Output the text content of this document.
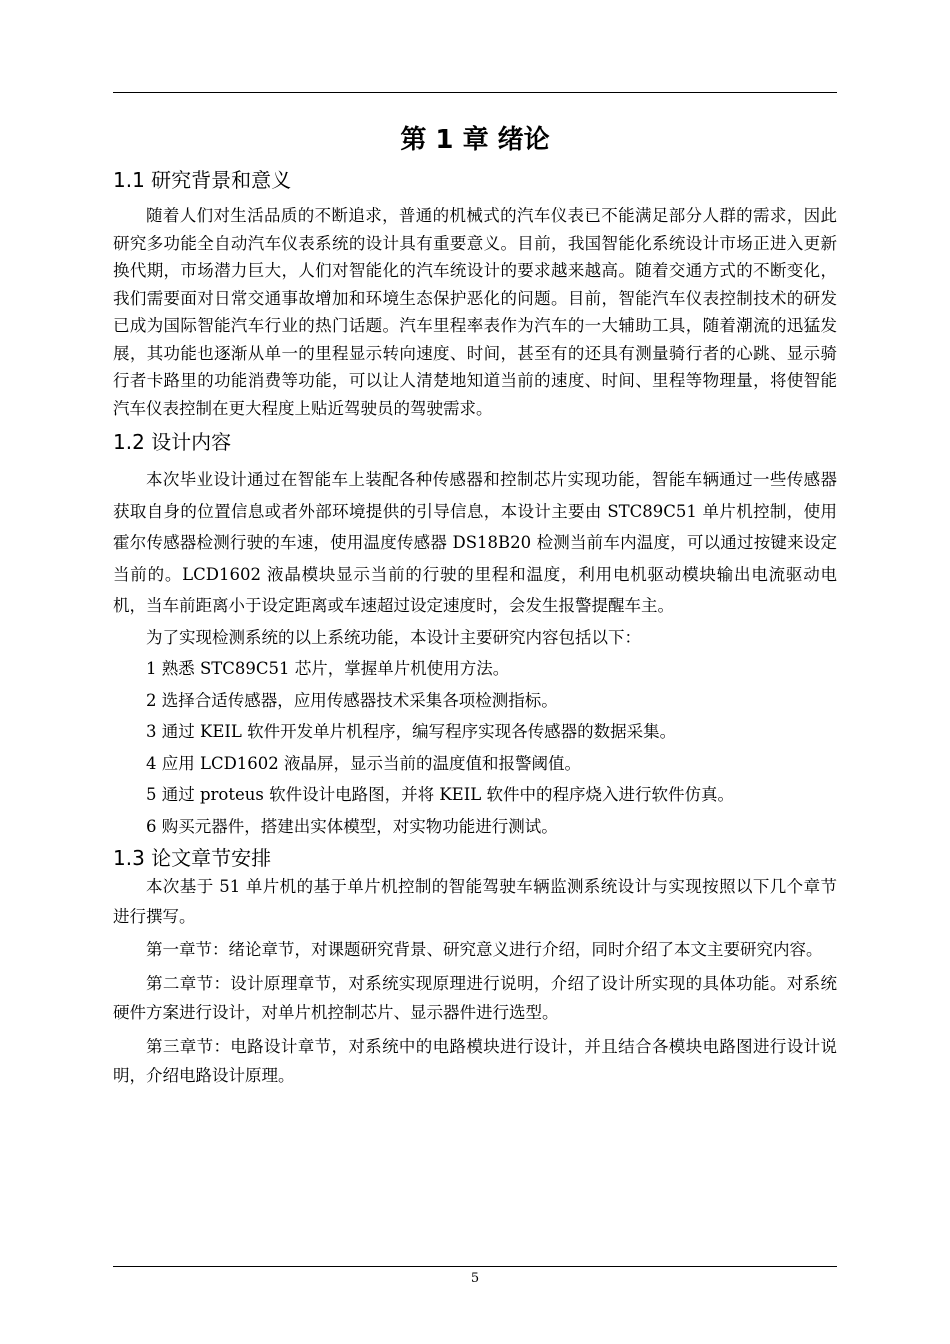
第 1 章 绪论
1.1 研究背景和意义

随着人们对生活品质的不断追求，普通的机械式的汽车仪表已不能满足部分人群的需求，因此研究多功能全自动汽车仪表系统的设计具有重要意义。目前，我国智能化系统设计市场正进入更新换代期，市场潜力巨大，人们对智能化的汽车统设计的要求越来越高。随着交通方式的不断变化，我们需要面对日常交通事故增加和环境生态保护恶化的问题。目前，智能汽车仪表控制技术的研发已成为国际智能汽车行业的热门话题。汽车里程率表作为汽车的一大辅助工具，随着潮流的迅猛发展，其功能也逐渐从单一的里程显示转向速度、时间，甚至有的还具有测量骑行者的心跳、显示骑行者卡路里的功能消费等功能，可以让人清楚地知道当前的速度、时间、里程等物理量，将使智能汽车仪表控制在更大程度上贴近驾驶员的驾驶需求。

1.2 设计内容

本次毕业设计通过在智能车上装配各种传感器和控制芯片实现功能，智能车辆通过一些传感器获取自身的位置信息或者外部环境提供的引导信息，本设计主要由 STC89C51 单片机控制，使用霍尔传感器检测行驶的车速，使用温度传感器 DS18B20 检测当前车内温度，可以通过按键来设定当前的。LCD1602 液晶模块显示当前的行驶的里程和温度，利用电机驱动模块输出电流驱动电机，当车前距离小于设定距离或车速超过设定速度时，会发生报警提醒车主。

为了实现检测系统的以上系统功能，本设计主要研究内容包括以下：

1 熟悉 STC89C51 芯片，掌握单片机使用方法。

2 选择合适传感器，应用传感器技术采集各项检测指标。

3 通过 KEIL 软件开发单片机程序，编写程序实现各传感器的数据采集。

4 应用 LCD1602 液晶屏，显示当前的温度值和报警阈值。

5 通过 proteus 软件设计电路图，并将 KEIL 软件中的程序烧入进行软件仿真。

6 购买元器件，搭建出实体模型，对实物功能进行测试。

1.3 论文章节安排

本次基于 51 单片机的基于单片机控制的智能驾驶车辆监测系统设计与实现按照以下几个章节进行撰写。

第一章节：绪论章节，对课题研究背景、研究意义进行介绍，同时介绍了本文主要研究内容。

第二章节：设计原理章节，对系统实现原理进行说明，介绍了设计所实现的具体功能。对系统硬件方案进行设计，对单片机控制芯片、显示器件进行选型。

第三章节：电路设计章节，对系统中的电路模块进行设计，并且结合各模块电路图进行设计说明，介绍电路设计原理。

5
